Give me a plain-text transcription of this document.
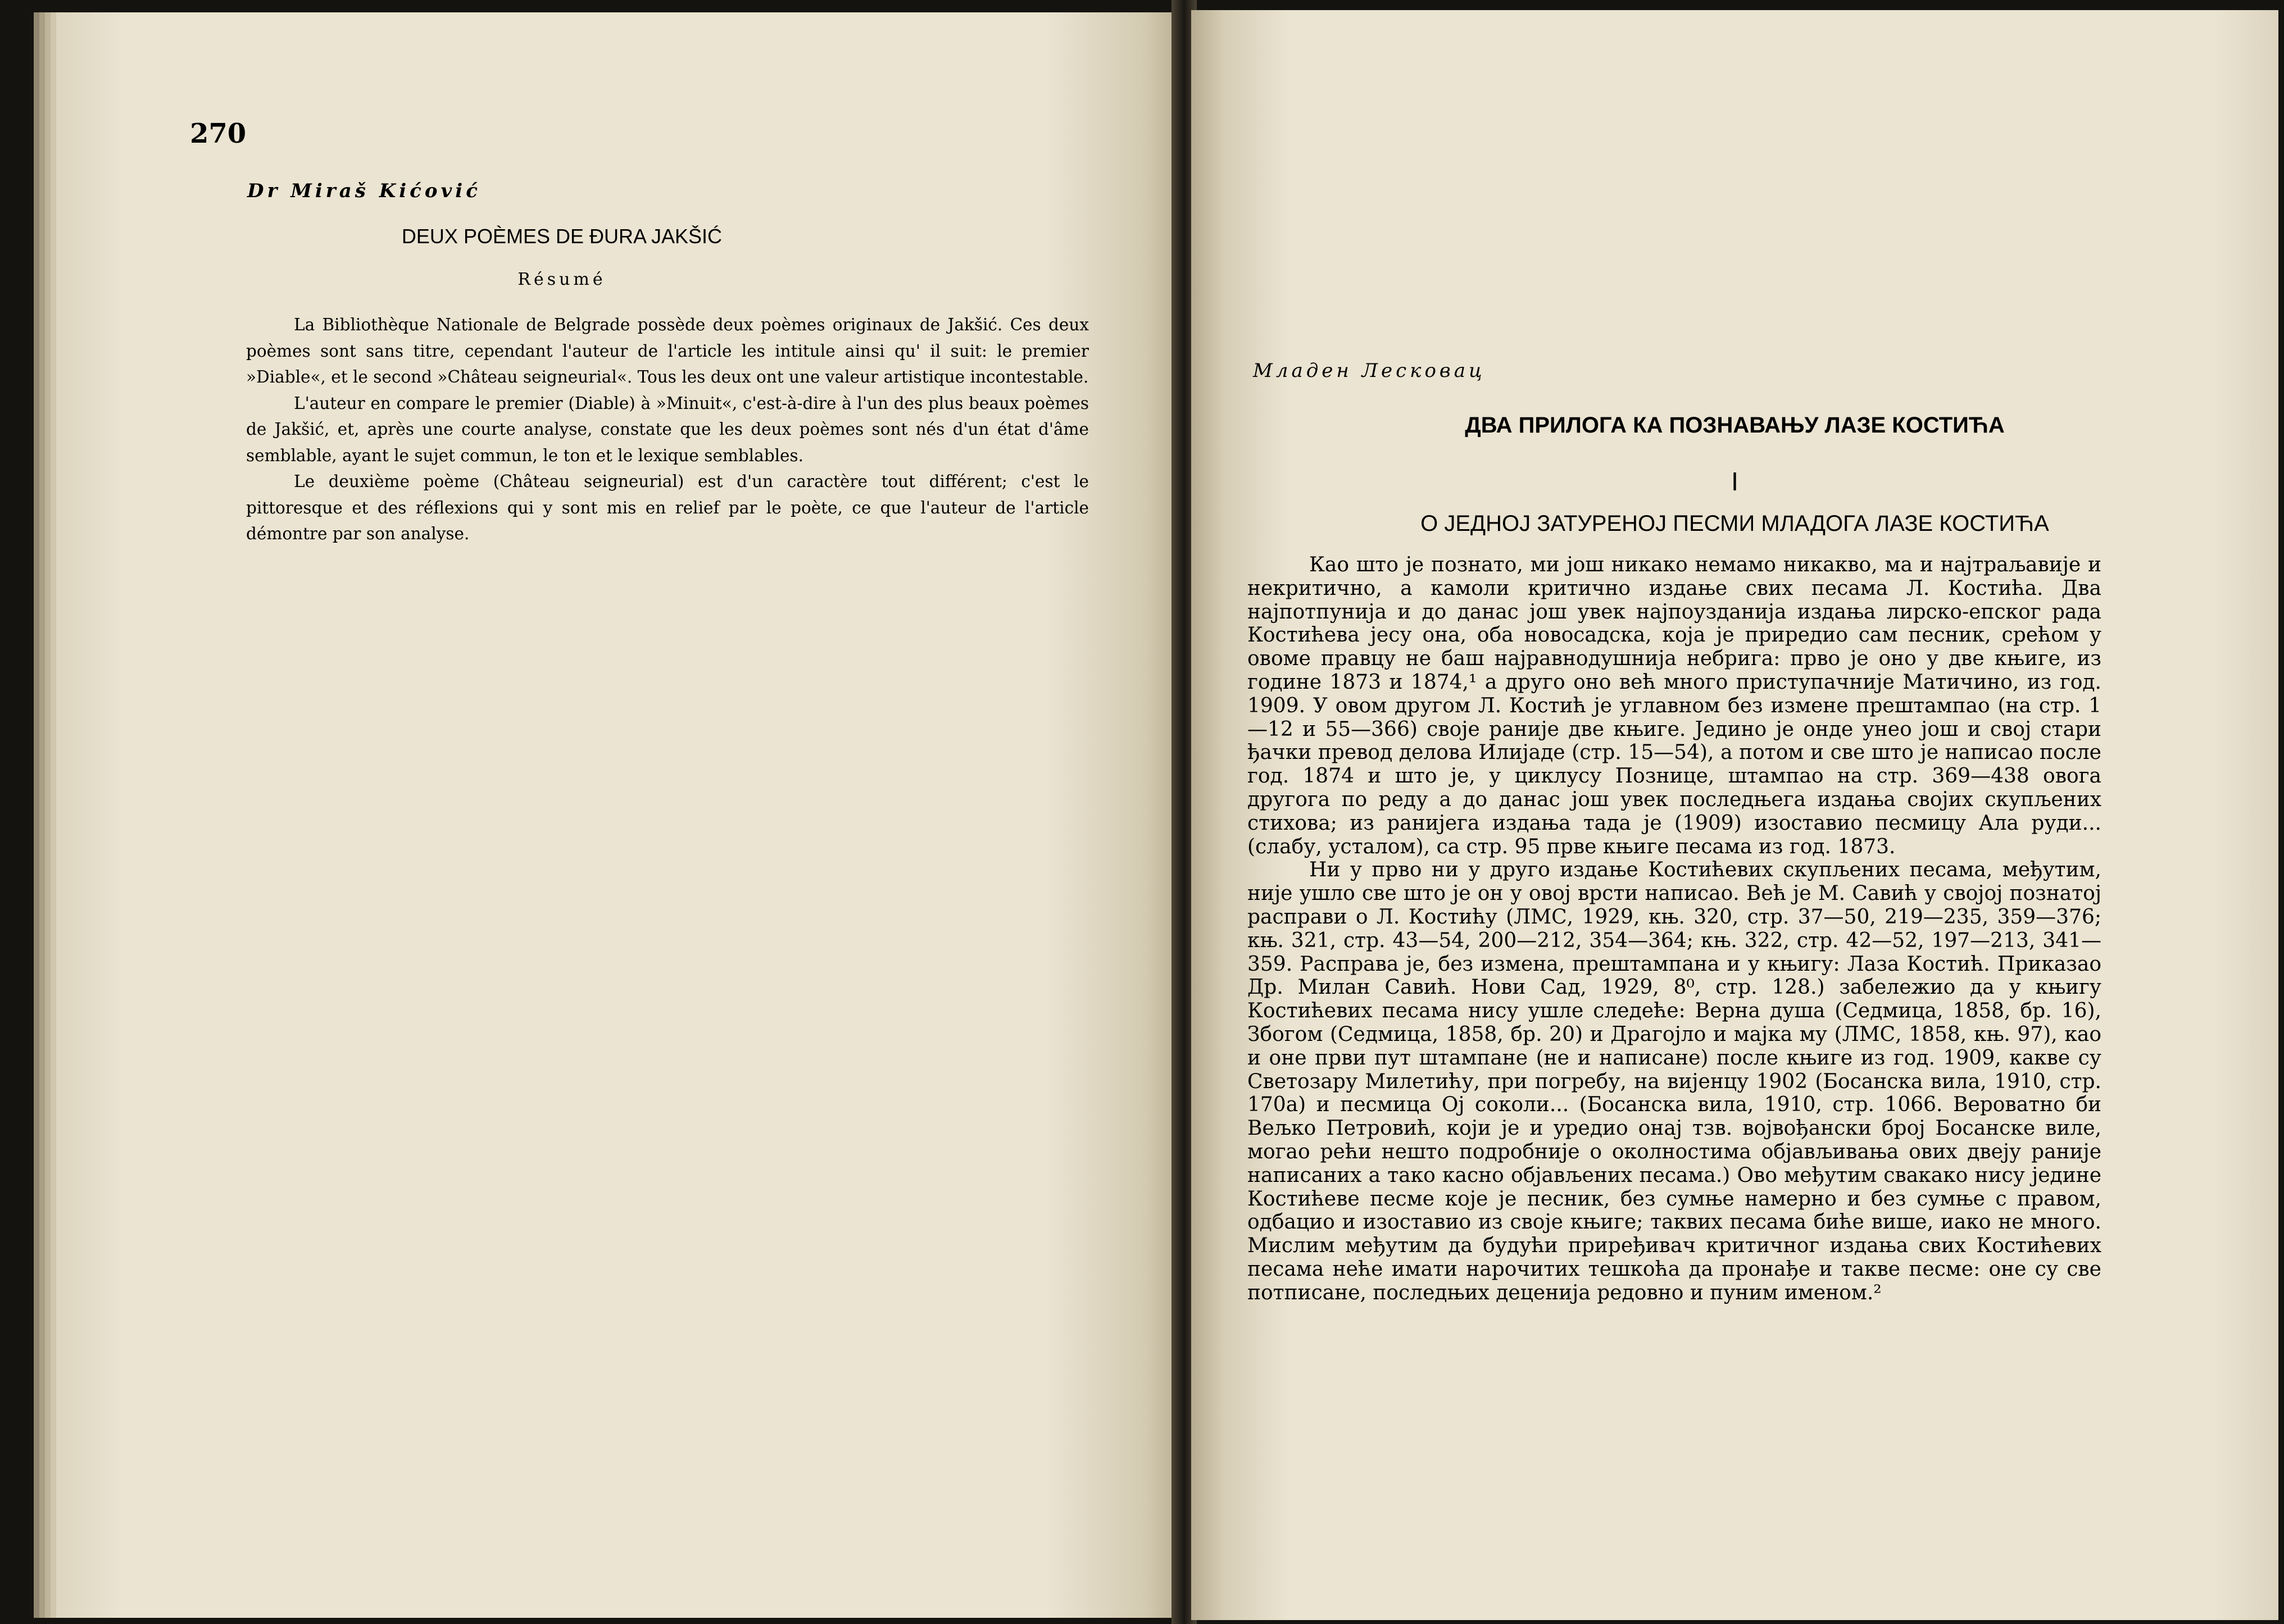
270
Dr Miraš Kićović
DEUX POÈMES DE ĐURA JAKŠIĆ
Résumé

La Bibliothèque Nationale de Belgrade possède deux poèmes originaux de Jakšić. Ces deux poèmes sont sans titre, cependant l'auteur de l'article les intitule ainsi qu' il suit: le premier »Diable«, et le second »Château seigneurial«. Tous les deux ont une valeur artistique incontestable.

L'auteur en compare le premier (Diable) à »Minuit«, c'est-à-dire à l'un des plus beaux poèmes de Jakšić, et, après une courte analyse, constate que les deux poèmes sont nés d'un état d'âme semblable, ayant le sujet commun, le ton et le lexique semblables.

Le deuxième poème (Château seigneurial) est d'un caractère tout différent; c'est le pittoresque et des réflexions qui y sont mis en relief par le poète, ce que l'auteur de l'article démontre par son analyse.

Младен Лесковац
ДВА ПРИЛОГА КА ПОЗНАВАЊУ ЛАЗЕ КОСТИЋА
I
О ЈЕДНОЈ ЗАТУРЕНОЈ ПЕСМИ МЛАДОГА ЛАЗЕ КОСТИЋА

Као што је познато, ми још никако немамо никакво, ма и најтраљавије и некритично, а камоли критично издање свих песама Л. Костића. Два најпотпунија и до данас још увек најпоузданија издања лирско-епског рада Костићева јесу она, оба новосадска, која је приредио сам песник, срећом у овоме правцу не баш најравнодушнија небрига: прво је оно у две књиге, из године 1873 и 1874,¹ а друго оно већ много приступачније Матичино, из год. 1909. У овом другом Л. Костић је углавном без измене прештампао (на стр. 1—12 и 55—366) своје раније две књиге. Једино је онде унео још и свој стари ђачки превод делова Илијаде (стр. 15—54), а потом и све што је написао после год. 1874 и што је, у циклусу Познице, штампао на стр. 369—438 овога другога по реду а до данас још увек последњега издања својих скупљених стихова; из ранијега издања тада је (1909) изоставио песмицу Ала руди... (слабу, усталом), са стр. 95 прве књиге песама из год. 1873.

Ни у прво ни у друго издање Костићевих скупљених песама, међутим, није ушло све што је он у овој врсти написао. Већ је М. Савић у својој познатој расправи о Л. Костићу (ЛМС, 1929, књ. 320, стр. 37—50, 219—235, 359—376; књ. 321, стр. 43—54, 200—212, 354—364; књ. 322, стр. 42—52, 197—213, 341—359. Расправа је, без измена, прештампана и у књигу: Лаза Костић. Приказао Др. Милан Савић. Нови Сад, 1929, 8⁰, стр. 128.) забележио да у књигу Костићевих песама нису ушле следеће: Верна душа (Седмица, 1858, бр. 16), Збогом (Седмица, 1858, бр. 20) и Драгојло и мајка му (ЛМС, 1858, књ. 97), као и оне први пут штампане (не и написане) после књиге из год. 1909, какве су Светозару Милетићу, при погребу, на вијенцу 1902 (Босанска вила, 1910, стр. 170а) и песмица Ој соколи... (Босанска вила, 1910, стр. 1066. Вероватно би Вељко Петровић, који је и уредио онај тзв. војвођански број Босанске виле, могао рећи нешто подробније о околностима објављивања ових двеју раније написаних а тако касно објављених песама.) Ово међутим свакако нису једине Костићеве песме које је песник, без сумње намерно и без сумње с правом, одбацио и изоставио из своје књиге; таквих песама биће више, иако не много. Мислим међутим да будући приређивач критичног издања свих Костићевих песама неће имати нарочитих тешкоћа да пронађе и такве песме: оне су све потписане, последњих деценија редовно и пуним именом.²
